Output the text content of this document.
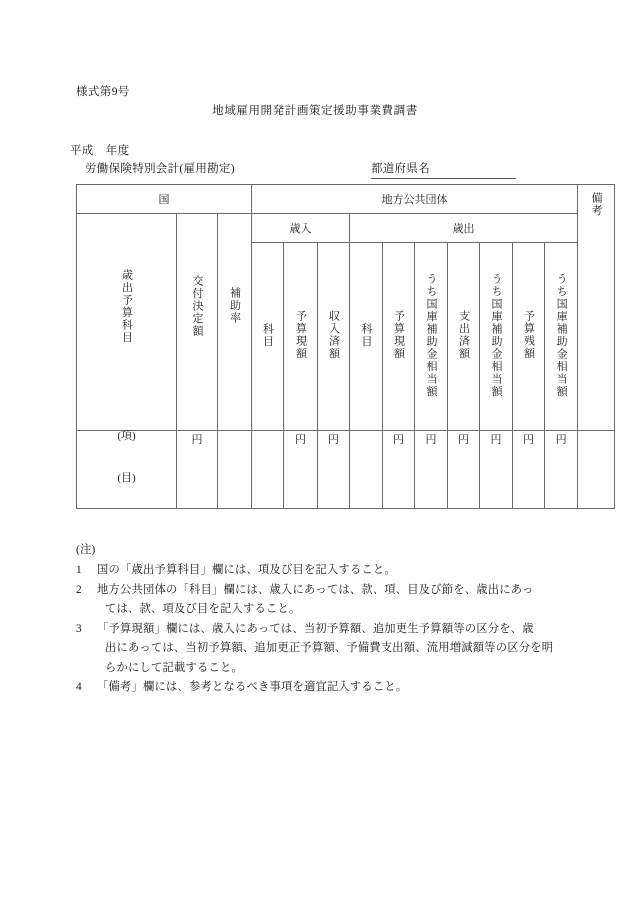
様式第9号
地域雇用開発計画策定援助事業費調書
平成　年度
労働保険特別会計(雇用勘定)	都道府県名
国			地方公共団体										備考
歳出予算科目	交付決定額	補助率	歳入			歳出							
			科目	予算現額	収入済額	科目	予算現額	うち国庫補助金相当額	支出済額	うち国庫補助金相当額	予算残額	うち国庫補助金相当額	
(項)
(目)	円			円	円		円	円	円	円	円	円	
(注)
1	国の「歳出予算科目」欄には、項及び目を記入すること。
2	地方公共団体の「科目」欄には、歳入にあっては、款、項、目及び節を、歳出にあっ
ては、款、項及び目を記入すること。
3	「予算現額」欄には、歳入にあっては、当初予算額、追加更生予算額等の区分を、歳
出にあっては、当初予算額、追加更正予算額、予備費支出額、流用増減額等の区分を明
らかにして記載すること。
4	「備考」欄には、参考となるべき事項を適宜記入すること。
